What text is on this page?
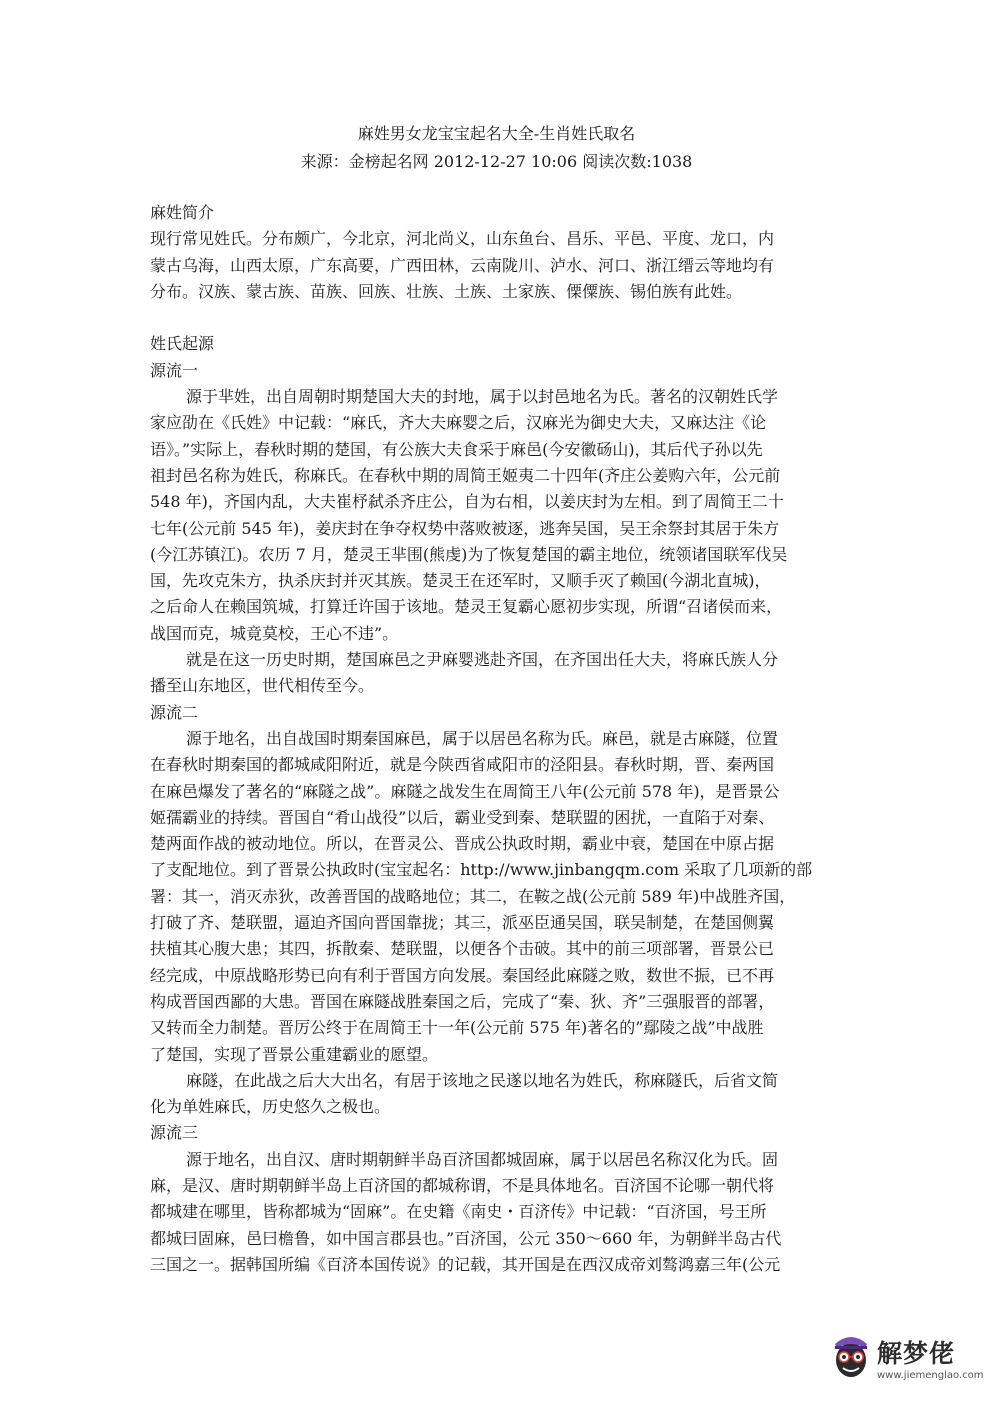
麻姓男女龙宝宝起名大全-生肖姓氏取名
来源：金榜起名网 2012-12-27 10:06 阅读次数:1038
麻姓简介
现行常见姓氏。分布颇广，今北京，河北尚义，山东鱼台、昌乐、平邑、平度、龙口，内
蒙古乌海，山西太原，广东高要，广西田林，云南陇川、泸水、河口、浙江缙云等地均有
分布。汉族、蒙古族、苗族、回族、壮族、土族、土家族、傈僳族、锡伯族有此姓。
姓氏起源
源流一
源于芈姓，出自周朝时期楚国大夫的封地，属于以封邑地名为氏。著名的汉朝姓氏学
家应劭在《氏姓》中记载：“麻氏，齐大夫麻婴之后，汉麻光为御史大夫，又麻达注《论
语》。”实际上，春秋时期的楚国，有公族大夫食采于麻邑(今安徽砀山)，其后代子孙以先
祖封邑名称为姓氏，称麻氏。在春秋中期的周简王姬夷二十四年(齐庄公姜购六年，公元前
548 年)，齐国内乱，大夫崔杼弑杀齐庄公，自为右相，以姜庆封为左相。到了周简王二十
七年(公元前 545 年)，姜庆封在争夺权势中落败被逐，逃奔吴国，吴王余祭封其居于朱方
(今江苏镇江)。农历 7 月，楚灵王芈围(熊虔)为了恢复楚国的霸主地位，统领诸国联军伐吴
国，先攻克朱方，执杀庆封并灭其族。楚灵王在还军时，又顺手灭了赖国(今湖北直城)，
之后命人在赖国筑城，打算迁许国于该地。楚灵王复霸心愿初步实现，所谓“召诸侯而来，
战国而克，城竟莫校，王心不违”。
就是在这一历史时期，楚国麻邑之尹麻婴逃赴齐国，在齐国出任大夫，将麻氏族人分
播至山东地区，世代相传至今。
源流二
源于地名，出自战国时期秦国麻邑，属于以居邑名称为氏。麻邑，就是古麻隧，位置
在春秋时期秦国的都城咸阳附近，就是今陕西省咸阳市的泾阳县。春秋时期，晋、秦两国
在麻邑爆发了著名的“麻隧之战”。麻隧之战发生在周简王八年(公元前 578 年)，是晋景公
姬孺霸业的持续。晋国自“肴山战役”以后，霸业受到秦、楚联盟的困扰，一直陷于对秦、
楚两面作战的被动地位。所以，在晋灵公、晋成公执政时期，霸业中衰，楚国在中原占据
了支配地位。到了晋景公执政时(宝宝起名：http://www.jinbangqm.com 采取了几项新的部
署：其一，消灭赤狄，改善晋国的战略地位；其二，在鞍之战(公元前 589 年)中战胜齐国，
打破了齐、楚联盟，逼迫齐国向晋国靠拢；其三，派巫臣通吴国，联吴制楚，在楚国侧翼
扶植其心腹大患；其四，拆散秦、楚联盟，以便各个击破。其中的前三项部署，晋景公已
经完成，中原战略形势已向有利于晋国方向发展。秦国经此麻隧之败，数世不振，已不再
构成晋国西鄙的大患。晋国在麻隧战胜秦国之后，完成了“秦、狄、齐”三强服晋的部署，
又转而全力制楚。晋厉公终于在周简王十一年(公元前 575 年)著名的”鄢陵之战”中战胜
了楚国，实现了晋景公重建霸业的愿望。
麻隧，在此战之后大大出名，有居于该地之民遂以地名为姓氏，称麻隧氏，后省文简
化为单姓麻氏，历史悠久之极也。
源流三
源于地名，出自汉、唐时期朝鲜半岛百济国都城固麻，属于以居邑名称汉化为氏。固
麻，是汉、唐时期朝鲜半岛上百济国的都城称谓，不是具体地名。百济国不论哪一朝代将
都城建在哪里，皆称都城为“固麻”。在史籍《南史・百济传》中记载：“百济国，号王所
都城曰固麻，邑曰檐鲁，如中国言郡县也。”百济国，公元 350～660 年，为朝鲜半岛古代
三国之一。据韩国所编《百济本国传说》的记载，其开国是在西汉成帝刘骜鸿嘉三年(公元
解梦佬
www.jiemenglao.com
